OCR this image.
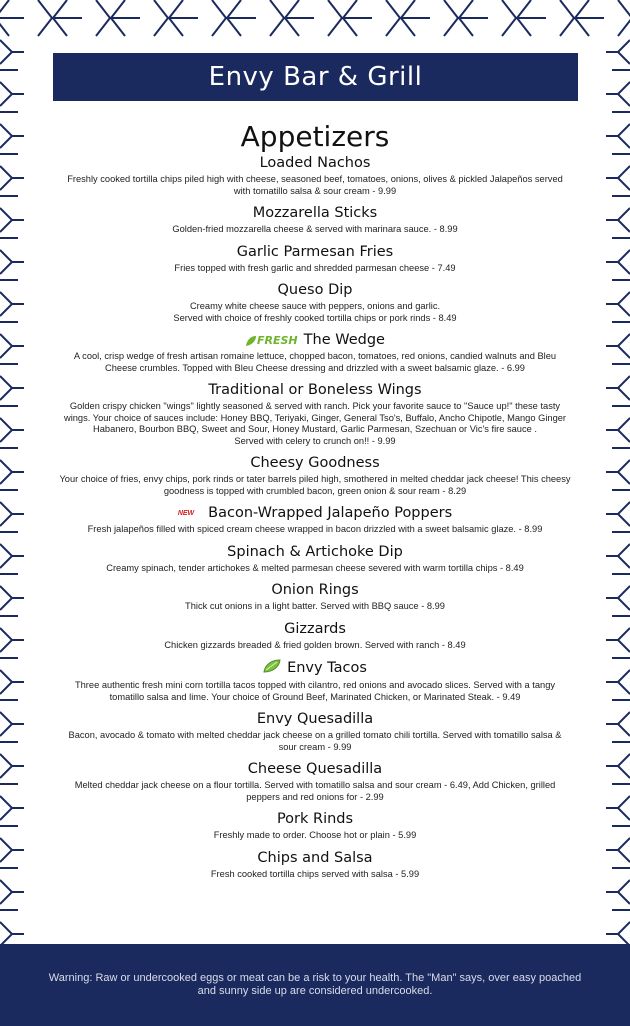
Envy Bar & Grill
Appetizers
Loaded Nachos
Freshly cooked tortilla chips piled high with cheese, seasoned beef, tomatoes, onions, olives & pickled Jalapeños served
with tomatillo salsa & sour cream - 9.99
Mozzarella Sticks
Golden-fried mozzarella cheese & served with marinara sauce. - 8.99
Garlic Parmesan Fries
Fries topped with fresh garlic and shredded parmesan cheese - 7.49
Queso Dip
Creamy white cheese sauce with peppers, onions and garlic.
Served with choice of freshly cooked tortilla chips or pork rinds - 8.49
FRESH The Wedge
A cool, crisp wedge of fresh artisan romaine lettuce, chopped bacon, tomatoes, red onions, candied walnuts and Bleu
Cheese crumbles. Topped with Bleu Cheese dressing and drizzled with a sweet balsamic glaze. - 6.99
Traditional or Boneless Wings
Golden crispy chicken "wings" lightly seasoned & served with ranch. Pick your favorite sauce to "Sauce up!" these tasty
wings. Your choice of sauces include: Honey BBQ, Teriyaki, Ginger, General Tso's, Buffalo, Ancho Chipotle, Mango Ginger
Habanero, Bourbon BBQ, Sweet and Sour, Honey Mustard, Garlic Parmesan, Szechuan or Vic's fire sauce .
Served with celery to crunch on!! - 9.99
Cheesy Goodness
Your choice of fries, envy chips, pork rinds or tater barrels piled high, smothered in melted cheddar jack cheese! This cheesy
goodness is topped with crumbled bacon, green onion & sour ream - 8.29
NEW Bacon-Wrapped Jalapeño Poppers
Fresh jalapeños filled with spiced cream cheese wrapped in bacon drizzled with a sweet balsamic glaze. - 8.99
Spinach & Artichoke Dip
Creamy spinach, tender artichokes & melted parmesan cheese severed with warm tortilla chips - 8.49
Onion Rings
Thick cut onions in a light batter. Served with BBQ sauce - 8.99
Gizzards
Chicken gizzards breaded & fried golden brown. Served with ranch - 8.49
Envy Tacos
Three authentic fresh mini corn tortilla tacos topped with cilantro, red onions and avocado slices. Served with a tangy
tomatillo salsa and lime. Your choice of Ground Beef, Marinated Chicken, or Marinated Steak. - 9.49
Envy Quesadilla
Bacon, avocado & tomato with melted cheddar jack cheese on a grilled tomato chili tortilla. Served with tomatillo salsa &
sour cream - 9.99
Cheese Quesadilla
Melted cheddar jack cheese on a flour tortilla. Served with tomatillo salsa and sour cream - 6.49, Add Chicken, grilled
peppers and red onions for - 2.99
Pork Rinds
Freshly made to order. Choose hot or plain - 5.99
Chips and Salsa
Fresh cooked tortilla chips served with salsa - 5.99

Warning: Raw or undercooked eggs or meat can be a risk to your health. The "Man" says, over easy poached
and sunny side up are considered undercooked.
